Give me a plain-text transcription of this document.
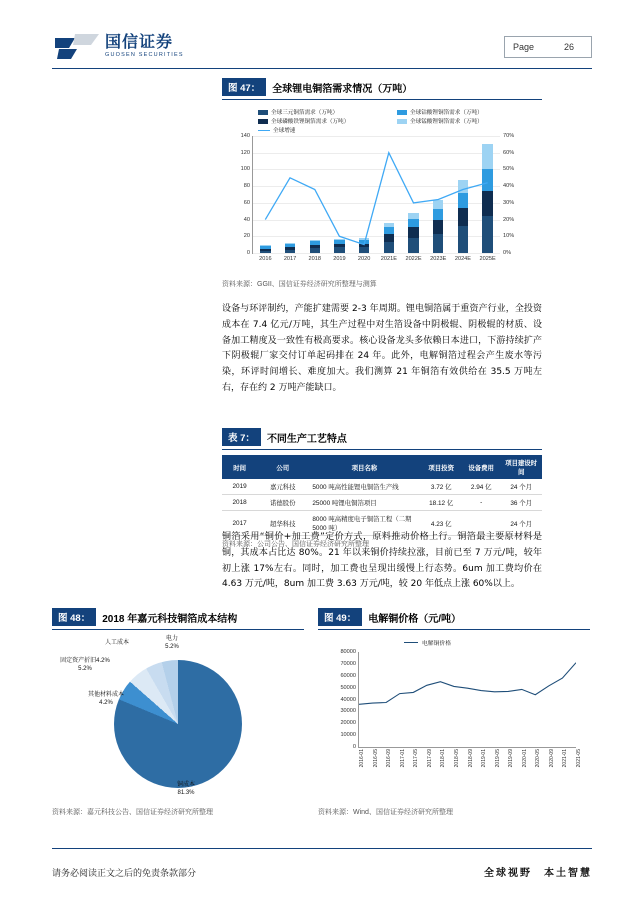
国信证券
GUOSEN SECURITIES
Page	26
图 47：	全球锂电铜箔需求情况（万吨）
全球三元铜箔需求（万吨）	全球钴酸锂铜箔需求（万吨）
全球磷酸铁锂铜箔需求（万吨）	全球锰酸锂铜箔需求（万吨）
全球增速
0
20
40
60
80
100
120
140
0%
10%
20%
30%
40%
50%
60%
70%
2016 2017 2018 2019 2020 2021E 2022E 2023E 2024E 2025E
资料来源：GGII、国信证券经济研究所整理与测算
设备与环评制约，产能扩建需要 2-3 年周期。锂电铜箔属于重资产行业，全投资成本在 7.4 亿元/万吨，其生产过程中对生箔设备中阴极辊、阴极辊的材质、设备加工精度及一致性有极高要求。核心设备龙头多依赖日本进口，下游持续扩产下阴极辊厂家交付订单起码排在 24 年。此外，电解铜箔过程会产生废水等污染，环评时间增长、难度加大。我们测算 21 年铜箔有效供给在 35.5 万吨左右，存在约 2 万吨产能缺口。
表 7：	不同生产工艺特点
时间	公司	项目名称	项目投资	设备费用	项目建设时间
2019	嘉元科技	5000 吨高性能锂电铜箔生产线	3.72 亿	2.94 亿	24 个月
2018	诺德股份	25000 吨锂电铜箔项目	18.12 亿	-	36 个月
2017	超华科技	8000 吨高精度电子铜箔工程（二期 5000 吨）	4.23 亿		24 个月
资料来源：公司公告、国信证券经济研究所整理
铜箔采用“铜价+加工费”定价方式，原料推动价格上行。铜箔最主要原材料是铜，其成本占比达 80%。21 年以来铜价持续拉涨，目前已至 7 万元/吨，较年初上涨 17%左右。同时，加工费也呈现出缓慢上行态势。6um 加工费均价在 4.63 万元/吨，8um 加工费 3.63 万元/吨，较 20 年低点上涨 60%以上。
图 48：	2018 年嘉元科技铜箔成本结构
电力
5.2%
人工成本
固定资产折旧4.2%
5.2%
其他材料成本
4.2%
铜成本
81.3%
资料来源：嘉元科技公告、国信证券经济研究所整理
图 49：	电解铜价格（元/吨）
电解铜价格
0
10000
20000
30000
40000
50000
60000
70000
80000
2016-01 2016-05 2016-09 2017-01 2017-05 2017-09 2018-01 2018-05 2018-09 2019-01 2019-05 2019-09 2020-01 2020-05 2020-09 2021-01 2021-05
资料来源：Wind、国信证券经济研究所整理
请务必阅读正文之后的免责条款部分	全球视野　本土智慧
